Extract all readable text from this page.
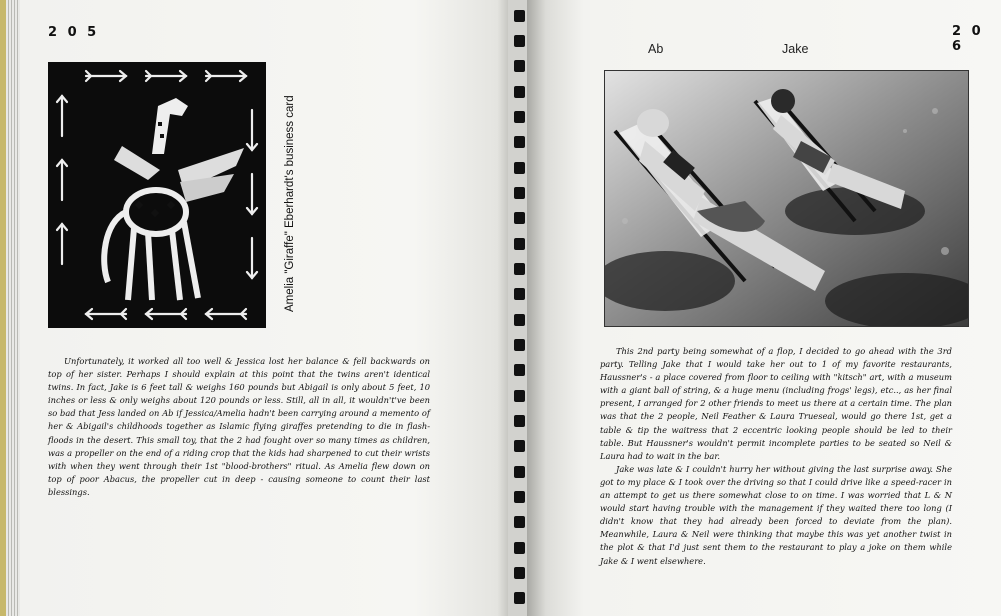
2 0 5
Amelia "Giraffe" Eberhardt's business card

Unfortunately, it worked all too well & Jessica lost her balance & fell backwards on top of her sister. Perhaps I should explain at this point that the twins aren't identical twins. In fact, Jake is 6 feet tall & weighs 160 pounds but Abigail is only about 5 feet, 10 inches or less & only weighs about 120 pounds or less. Still, all in all, it wouldn't've been so bad that Jess landed on Ab if Jessica/Amelia hadn't been carrying around a memento of her & Abigail's childhoods together as Islamic flying giraffes pretending to die in flash-floods in the desert. This small toy, that the 2 had fought over so many times as children, was a propeller on the end of a riding crop that the kids had sharpened to cut their wrists with when they went through their 1st "blood-brothers" ritual. As Amelia flew down on top of poor Abacus, the propeller cut in deep - causing someone to count their last blessings.

2 0 6
Ab	Jake

This 2nd party being somewhat of a flop, I decided to go ahead with the 3rd party. Telling Jake that I would take her out to 1 of my favorite restaurants, Haussner's - a place covered from floor to ceiling with "kitsch" art, with a museum with a giant ball of string, & a huge menu (including frogs' legs), etc.., as her final present, I arranged for 2 other friends to meet us there at a certain time. The plan was that the 2 people, Neil Feather & Laura Trueseal, would go there 1st, get a table & tip the waitress that 2 eccentric looking people should be led to their table. But Haussner's wouldn't permit incomplete parties to be seated so Neil & Laura had to wait in the bar.

Jake was late & I couldn't hurry her without giving the last surprise away. She got to my place & I took over the driving so that I could drive like a speed-racer in an attempt to get us there somewhat close to on time. I was worried that L & N would start having trouble with the management if they waited there too long (I didn't know that they had already been forced to deviate from the plan). Meanwhile, Laura & Neil were thinking that maybe this was yet another twist in the plot & that I'd just sent them to the restaurant to play a joke on them while Jake & I went elsewhere.
